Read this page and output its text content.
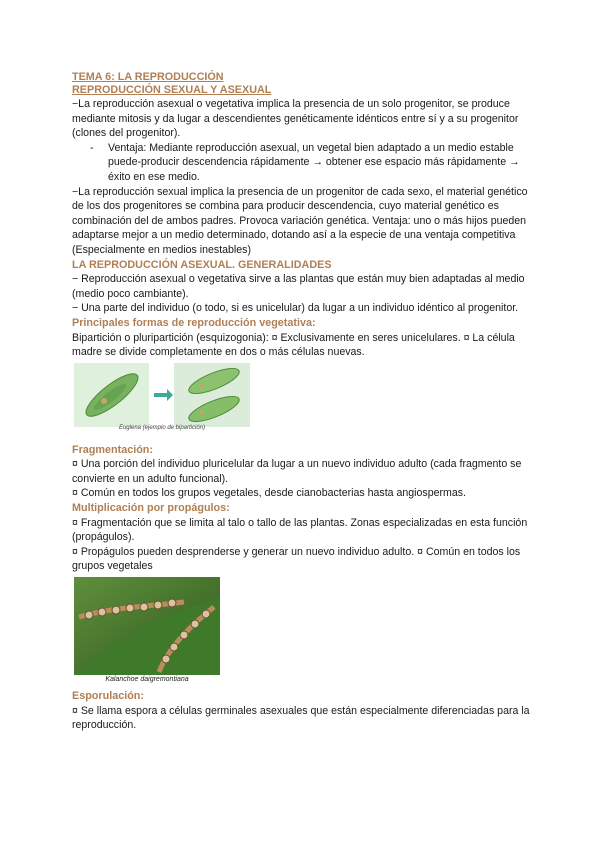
TEMA 6: LA REPRODUCCIÓN
REPRODUCCIÓN SEXUAL Y ASEXUAL

−La reproducción asexual o vegetativa implica la presencia de un solo progenitor, se produce mediante mitosis y da lugar a descendientes genéticamente idénticos entre sí y a su progenitor (clones del progenitor).

- Ventaja: Mediante reproducción asexual, un vegetal bien adaptado a un medio estable puede-producir descendencia rápidamente → obtener ese espacio más rápidamente → éxito en ese medio.

−La reproducción sexual implica la presencia de un progenitor de cada sexo, el material genético de los dos progenitores se combina para producir descendencia, cuyo material genético es combinación del de ambos padres. Provoca variación genética. Ventaja: uno o más hijos pueden adaptarse mejor a un medio determinado, dotando así a la especie de una ventaja competitiva (Especialmente en medios inestables)

LA REPRODUCCIÓN ASEXUAL. GENERALIDADES

− Reproducción asexual o vegetativa sirve a las plantas que están muy bien adaptadas al medio (medio poco cambiante).

− Una parte del individuo (o todo, si es unicelular) da lugar a un individuo idéntico al progenitor.

Principales formas de reproducción vegetativa:

Bipartición o pluripartición (esquizogonia): ¤ Exclusivamente en seres unicelulares. ¤ La célula madre se divide completamente en dos o más células nuevas.

Euglena (ejemplo de bipartición)
Fragmentación:

¤ Una porción del individuo pluricelular da lugar a un nuevo individuo adulto (cada fragmento se convierte en un adulto funcional).

¤ Común en todos los grupos vegetales, desde cianobacterias hasta angiospermas.

Multiplicación por propágulos:

¤ Fragmentación que se limita al talo o tallo de las plantas. Zonas especializadas en esta función (propágulos).

¤ Propágulos pueden desprenderse y generar un nuevo individuo adulto. ¤ Común en todos los grupos vegetales

Kalanchoe daigremontiana
Esporulación:

¤ Se llama espora a células germinales asexuales que están especialmente diferenciadas para la reproducción.
